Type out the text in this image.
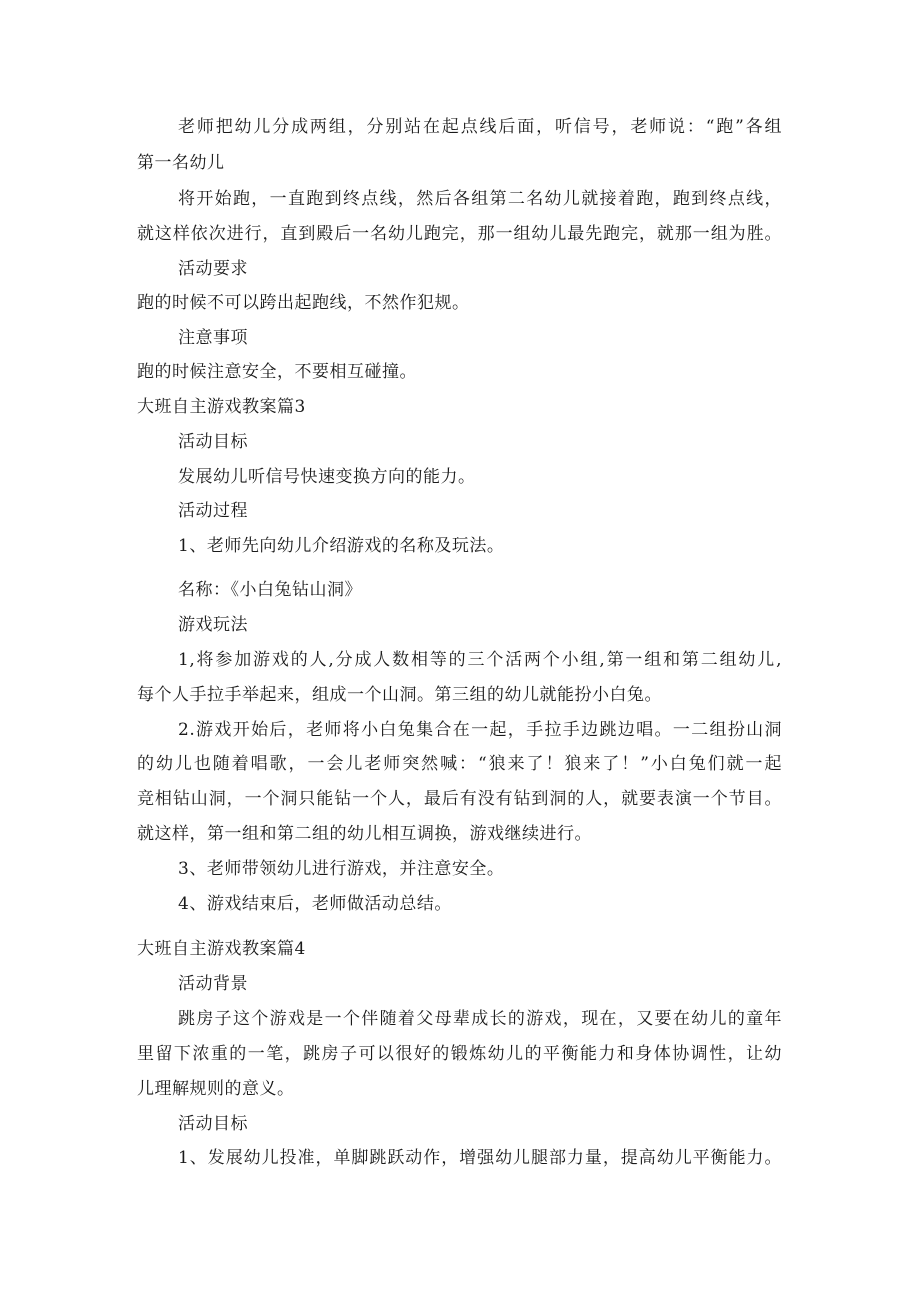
老师把幼儿分成两组，分别站在起点线后面，听信号，老师说：“跑”各组
第一名幼儿
将开始跑，一直跑到终点线，然后各组第二名幼儿就接着跑，跑到终点线，
就这样依次进行，直到殿后一名幼儿跑完，那一组幼儿最先跑完，就那一组为胜。
活动要求
跑的时候不可以跨出起跑线，不然作犯规。
注意事项
跑的时候注意安全，不要相互碰撞。
大班自主游戏教案篇3
活动目标
发展幼儿听信号快速变换方向的能力。
活动过程
1、老师先向幼儿介绍游戏的名称及玩法。
名称：《小白兔钻山洞》
游戏玩法
1,将参加游戏的人,分成人数相等的三个活两个小组,第一组和第二组幼儿,
每个人手拉手举起来，组成一个山洞。第三组的幼儿就能扮小白兔。
2.游戏开始后，老师将小白兔集合在一起，手拉手边跳边唱。一二组扮山洞
的幼儿也随着唱歌，一会儿老师突然喊：“狼来了！狼来了！”小白兔们就一起
竞相钻山洞，一个洞只能钻一个人，最后有没有钻到洞的人，就要表演一个节目。
就这样，第一组和第二组的幼儿相互调换，游戏继续进行。
3、老师带领幼儿进行游戏，并注意安全。
4、游戏结束后，老师做活动总结。
大班自主游戏教案篇4
活动背景
跳房子这个游戏是一个伴随着父母辈成长的游戏，现在，又要在幼儿的童年
里留下浓重的一笔，跳房子可以很好的锻炼幼儿的平衡能力和身体协调性，让幼
儿理解规则的意义。
活动目标
1、发展幼儿投准，单脚跳跃动作，增强幼儿腿部力量，提高幼儿平衡能力。
